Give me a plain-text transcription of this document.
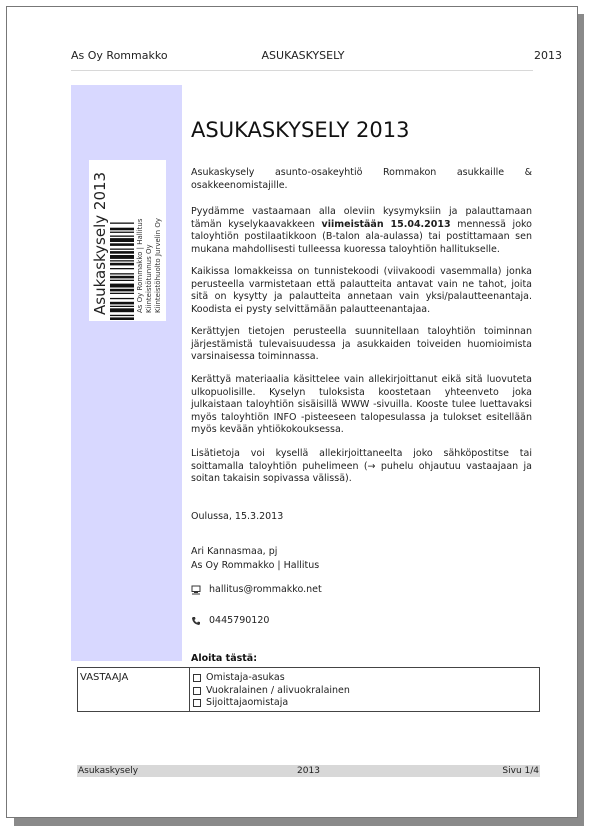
As Oy Rommakko	ASUKASKYSELY	2013
Asukaskysely 2013	As Oy Rommakko | Hallitus Kiinteistötunnus Oy Kiinteistöhuolto Jurvelin Oy
ASUKASKYSELY 2013
Asukaskysely asunto-osakeyhtiö Rommakon asukkaille & osakkeenomistajille.
Pyydämme vastaamaan alla oleviin kysymyksiin ja palauttamaan tämän kyselykaavakkeen viimeistään 15.04.2013 mennessä joko taloyhtiön postilaatikkoon (B-talon ala-aulassa) tai postittamaan sen mukana mahdollisesti tulleessa kuoressa taloyhtiön hallitukselle.
Kaikissa lomakkeissa on tunnistekoodi (viivakoodi vasemmalla) jonka perusteella varmistetaan että palautteita antavat vain ne tahot, joita sitä on kysytty ja palautteita annetaan vain yksi/palautteenantaja. Koodista ei pysty selvittämään palautteenantajaa.
Kerättyjen tietojen perusteella suunnitellaan taloyhtiön toiminnan järjestämistä tulevaisuudessa ja asukkaiden toiveiden huomioimista varsinaisessa toiminnassa.
Kerättyä materiaalia käsittelee vain allekirjoittanut eikä sitä luovuteta ulkopuolisille. Kyselyn tuloksista koostetaan yhteenveto joka julkaistaan taloyhtiön sisäisillä WWW -sivuilla. Kooste tulee luettavaksi myös taloyhtiön INFO -pisteeseen talopesulassa ja tulokset esitellään myös kevään yhtiökokouksessa.
Lisätietoja voi kysellä allekirjoittaneelta joko sähköpostitse tai soittamalla taloyhtiön puhelimeen (→ puhelu ohjautuu vastaajaan ja soitan takaisin sopivassa välissä).
Oulussa, 15.3.2013
Ari Kannasmaa, pj
As Oy Rommakko | Hallitus
hallitus@rommakko.net
0445790120
Aloita tästä:
VASTAAJA	Omistaja-asukas
Vuokralainen / alivuokralainen
Sijoittajaomistaja
Asukaskysely	2013	Sivu 1/4
